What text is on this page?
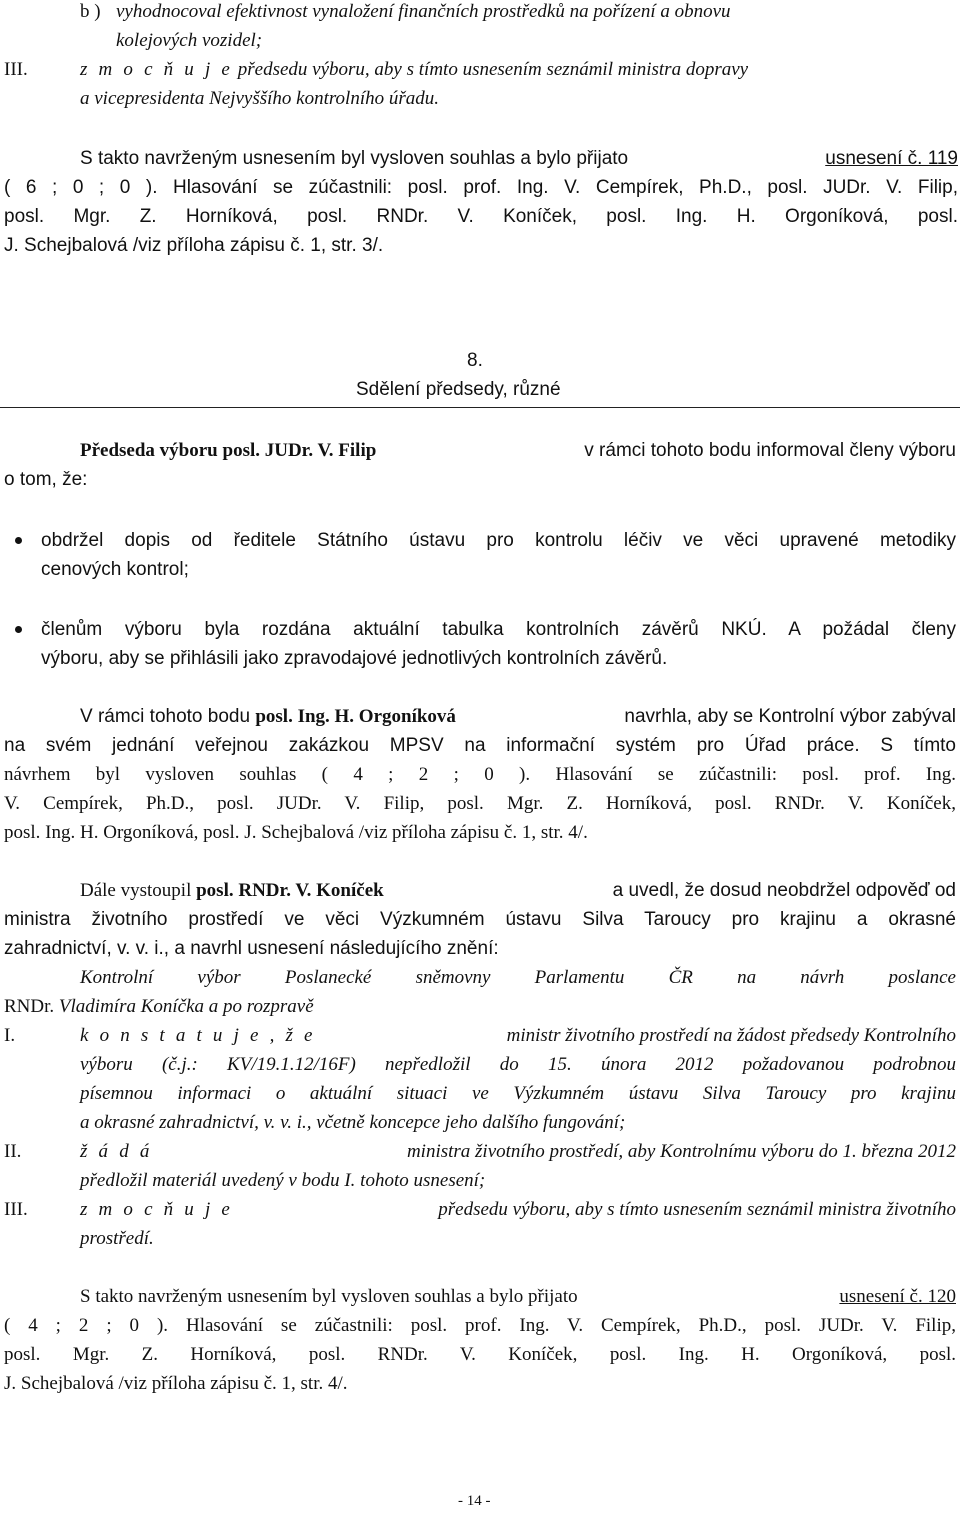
b ) vyhodnocoval efektivnost vynaložení finančních prostředků na pořízení a obnovu
kolejových vozidel;
III.	z m o c ň u j e předsedu výboru, aby s tímto usnesením seznámil ministra dopravy
a vicepresidenta Nejvyššího kontrolního úřadu.
S takto navrženým usnesením byl vysloven souhlas a bylo přijato	usnesení č. 119
( 6 ; 0 ; 0 ). Hlasování se zúčastnili: posl. prof. Ing. V. Cempírek, Ph.D., posl. JUDr. V. Filip,
posl. Mgr. Z. Horníková, posl. RNDr. V. Koníček, posl. Ing. H. Orgoníková, posl.
J. Schejbalová /viz příloha zápisu č. 1, str. 3/.
8.
Sdělení předsedy, různé
Předseda výboru posl. JUDr. V. Filip	v rámci tohoto bodu informoval členy výboru
o tom, že:
obdržel dopis od ředitele Státního ústavu pro kontrolu léčiv ve věci upravené metodiky
cenových kontrol;
členům výboru byla rozdána aktuální tabulka kontrolních závěrů NKÚ. A požádal členy
výboru, aby se přihlásili jako zpravodajové jednotlivých kontrolních závěrů.
V rámci tohoto bodu posl. Ing. H. Orgoníková	navrhla, aby se Kontrolní výbor zabýval
na svém jednání veřejnou zakázkou MPSV na informační systém pro Úřad práce. S tímto
návrhem byl vysloven souhlas ( 4 ; 2 ; 0 ). Hlasování se zúčastnili: posl. prof. Ing.
V. Cempírek, Ph.D., posl. JUDr. V. Filip, posl. Mgr. Z. Horníková, posl. RNDr. V. Koníček,
posl. Ing. H. Orgoníková, posl. J. Schejbalová /viz příloha zápisu č. 1, str. 4/.
Dále vystoupil posl. RNDr. V. Koníček	a uvedl, že dosud neobdržel odpověď od
ministra životního prostředí ve věci Výzkumném ústavu Silva Taroucy pro krajinu a okrasné
zahradnictví, v. v. i., a navrhl usnesení následujícího znění:
Kontrolní výbor Poslanecké sněmovny Parlamentu ČR na návrh poslance
RNDr. Vladimíra Koníčka a po rozpravě
I.	k o n s t a t u j e , ž e	ministr životního prostředí na žádost předsedy Kontrolního
výboru (č.j.: KV/19.1.12/16F) nepředložil do 15. února 2012 požadovanou podrobnou
písemnou informaci o aktuální situaci ve Výzkumném ústavu Silva Taroucy pro krajinu
a okrasné zahradnictví, v. v. i., včetně koncepce jeho dalšího fungování;
II.	ž á d á	ministra životního prostředí, aby Kontrolnímu výboru do 1. března 2012
předložil materiál uvedený v bodu I. tohoto usnesení;
III.	z m o c ň u j e	předsedu výboru, aby s tímto usnesením seznámil ministra životního
prostředí.
S takto navrženým usnesením byl vysloven souhlas a bylo přijato	usnesení č. 120
( 4 ; 2 ; 0 ). Hlasování se zúčastnili: posl. prof. Ing. V. Cempírek, Ph.D., posl. JUDr. V. Filip,
posl. Mgr. Z. Horníková, posl. RNDr. V. Koníček, posl. Ing. H. Orgoníková, posl.
J. Schejbalová /viz příloha zápisu č. 1, str. 4/.
- 14 -
